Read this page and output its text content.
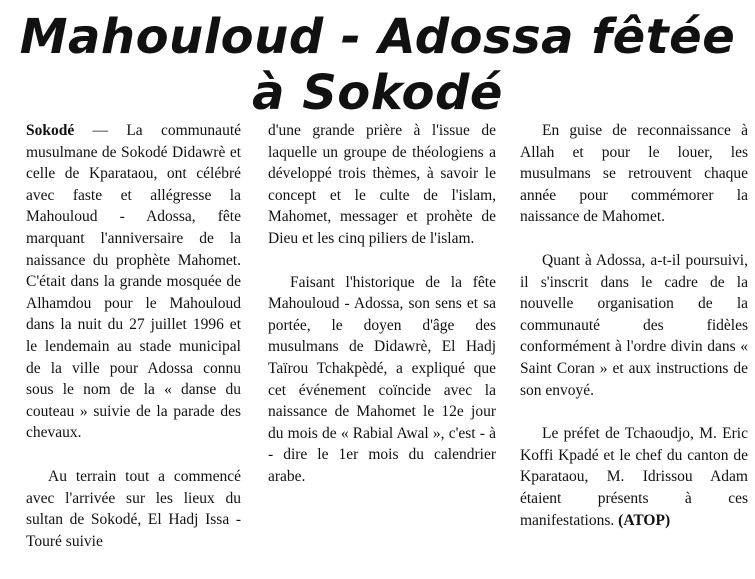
Mahouloud - Adossa fêtée
à Sokodé

Sokodé — La communauté musulmane de Sokodé Didawrè et celle de Kparataou, ont célébré avec faste et allégresse la Mahouloud - Adossa, fête marquant l'anniversaire de la naissance du prophète Mahomet. C'était dans la grande mosquée de Alhamdou pour le Mahouloud dans la nuit du 27 juillet 1996 et le lendemain au stade municipal de la ville pour Adossa connu sous le nom de la « danse du couteau » suivie de la parade des chevaux.

Au terrain tout a commencé avec l'arrivée sur les lieux du sultan de Sokodé, El Hadj Issa - Touré suivie

d'une grande prière à l'issue de laquelle un groupe de théologiens a développé trois thèmes, à savoir le concept et le culte de l'islam, Mahomet, messager et prohète de Dieu et les cinq piliers de l'islam.

Faisant l'historique de la fête Mahouloud - Adossa, son sens et sa portée, le doyen d'âge des musulmans de Didawrè, El Hadj Taïrou Tchakpèdé, a expliqué que cet événement coïncide avec la naissance de Mahomet le 12e jour du mois de « Rabial Awal », c'est - à - dire le 1er mois du calendrier arabe.

En guise de reconnaissance à Allah et pour le louer, les musulmans se retrouvent chaque année pour commémorer la naissance de Mahomet.

Quant à Adossa, a-t-il poursuivi, il s'inscrit dans le cadre de la nouvelle organisation de la communauté des fidèles conformément à l'ordre divin dans « Saint Coran » et aux instructions de son envoyé.

Le préfet de Tchaoudjo, M. Eric Koffi Kpadé et le chef du canton de Kparataou, M. Idrissou Adam étaient présents à ces manifestations. (ATOP)
